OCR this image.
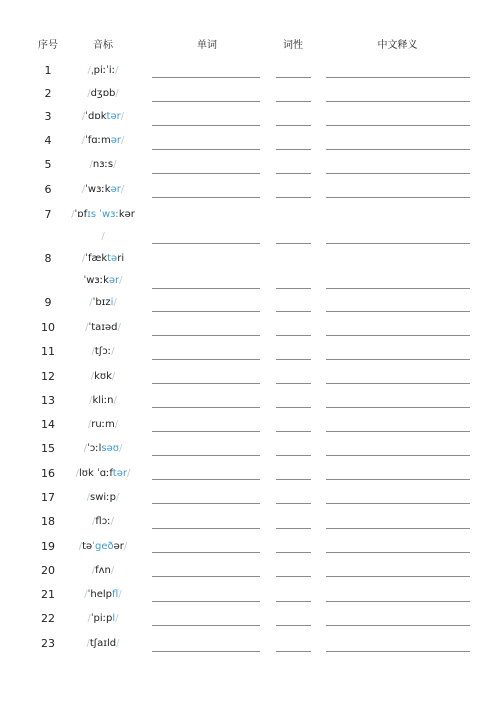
序号	音标	单词	词性	中文释义
1	/ˌpiːˈiː/
2	/dʒɒb/
3	/ˈdɒktər/
4	/ˈfɑːmər/
5	/nɜːs/
6	/ˈwɜːkər/
7	/ˈɒfɪs ˈwɜːkər
/
8	/ˈfæktəri
ˈwɜːkər/
9	/ˈbɪzi/
10	/ˈtaɪəd/
11	/tʃɔː/
12	/kʊk/
13	/kliːn/
14	/ruːm/
15	/ˈɔːlsəʊ/
16	/lʊk ˈɑːftər/
17	/swiːp/
18	/flɔː/
19	/təˈgeðər/
20	/fʌn/
21	/ˈhelpfl/
22	/ˈpiːpl/
23	/tʃaɪld/
